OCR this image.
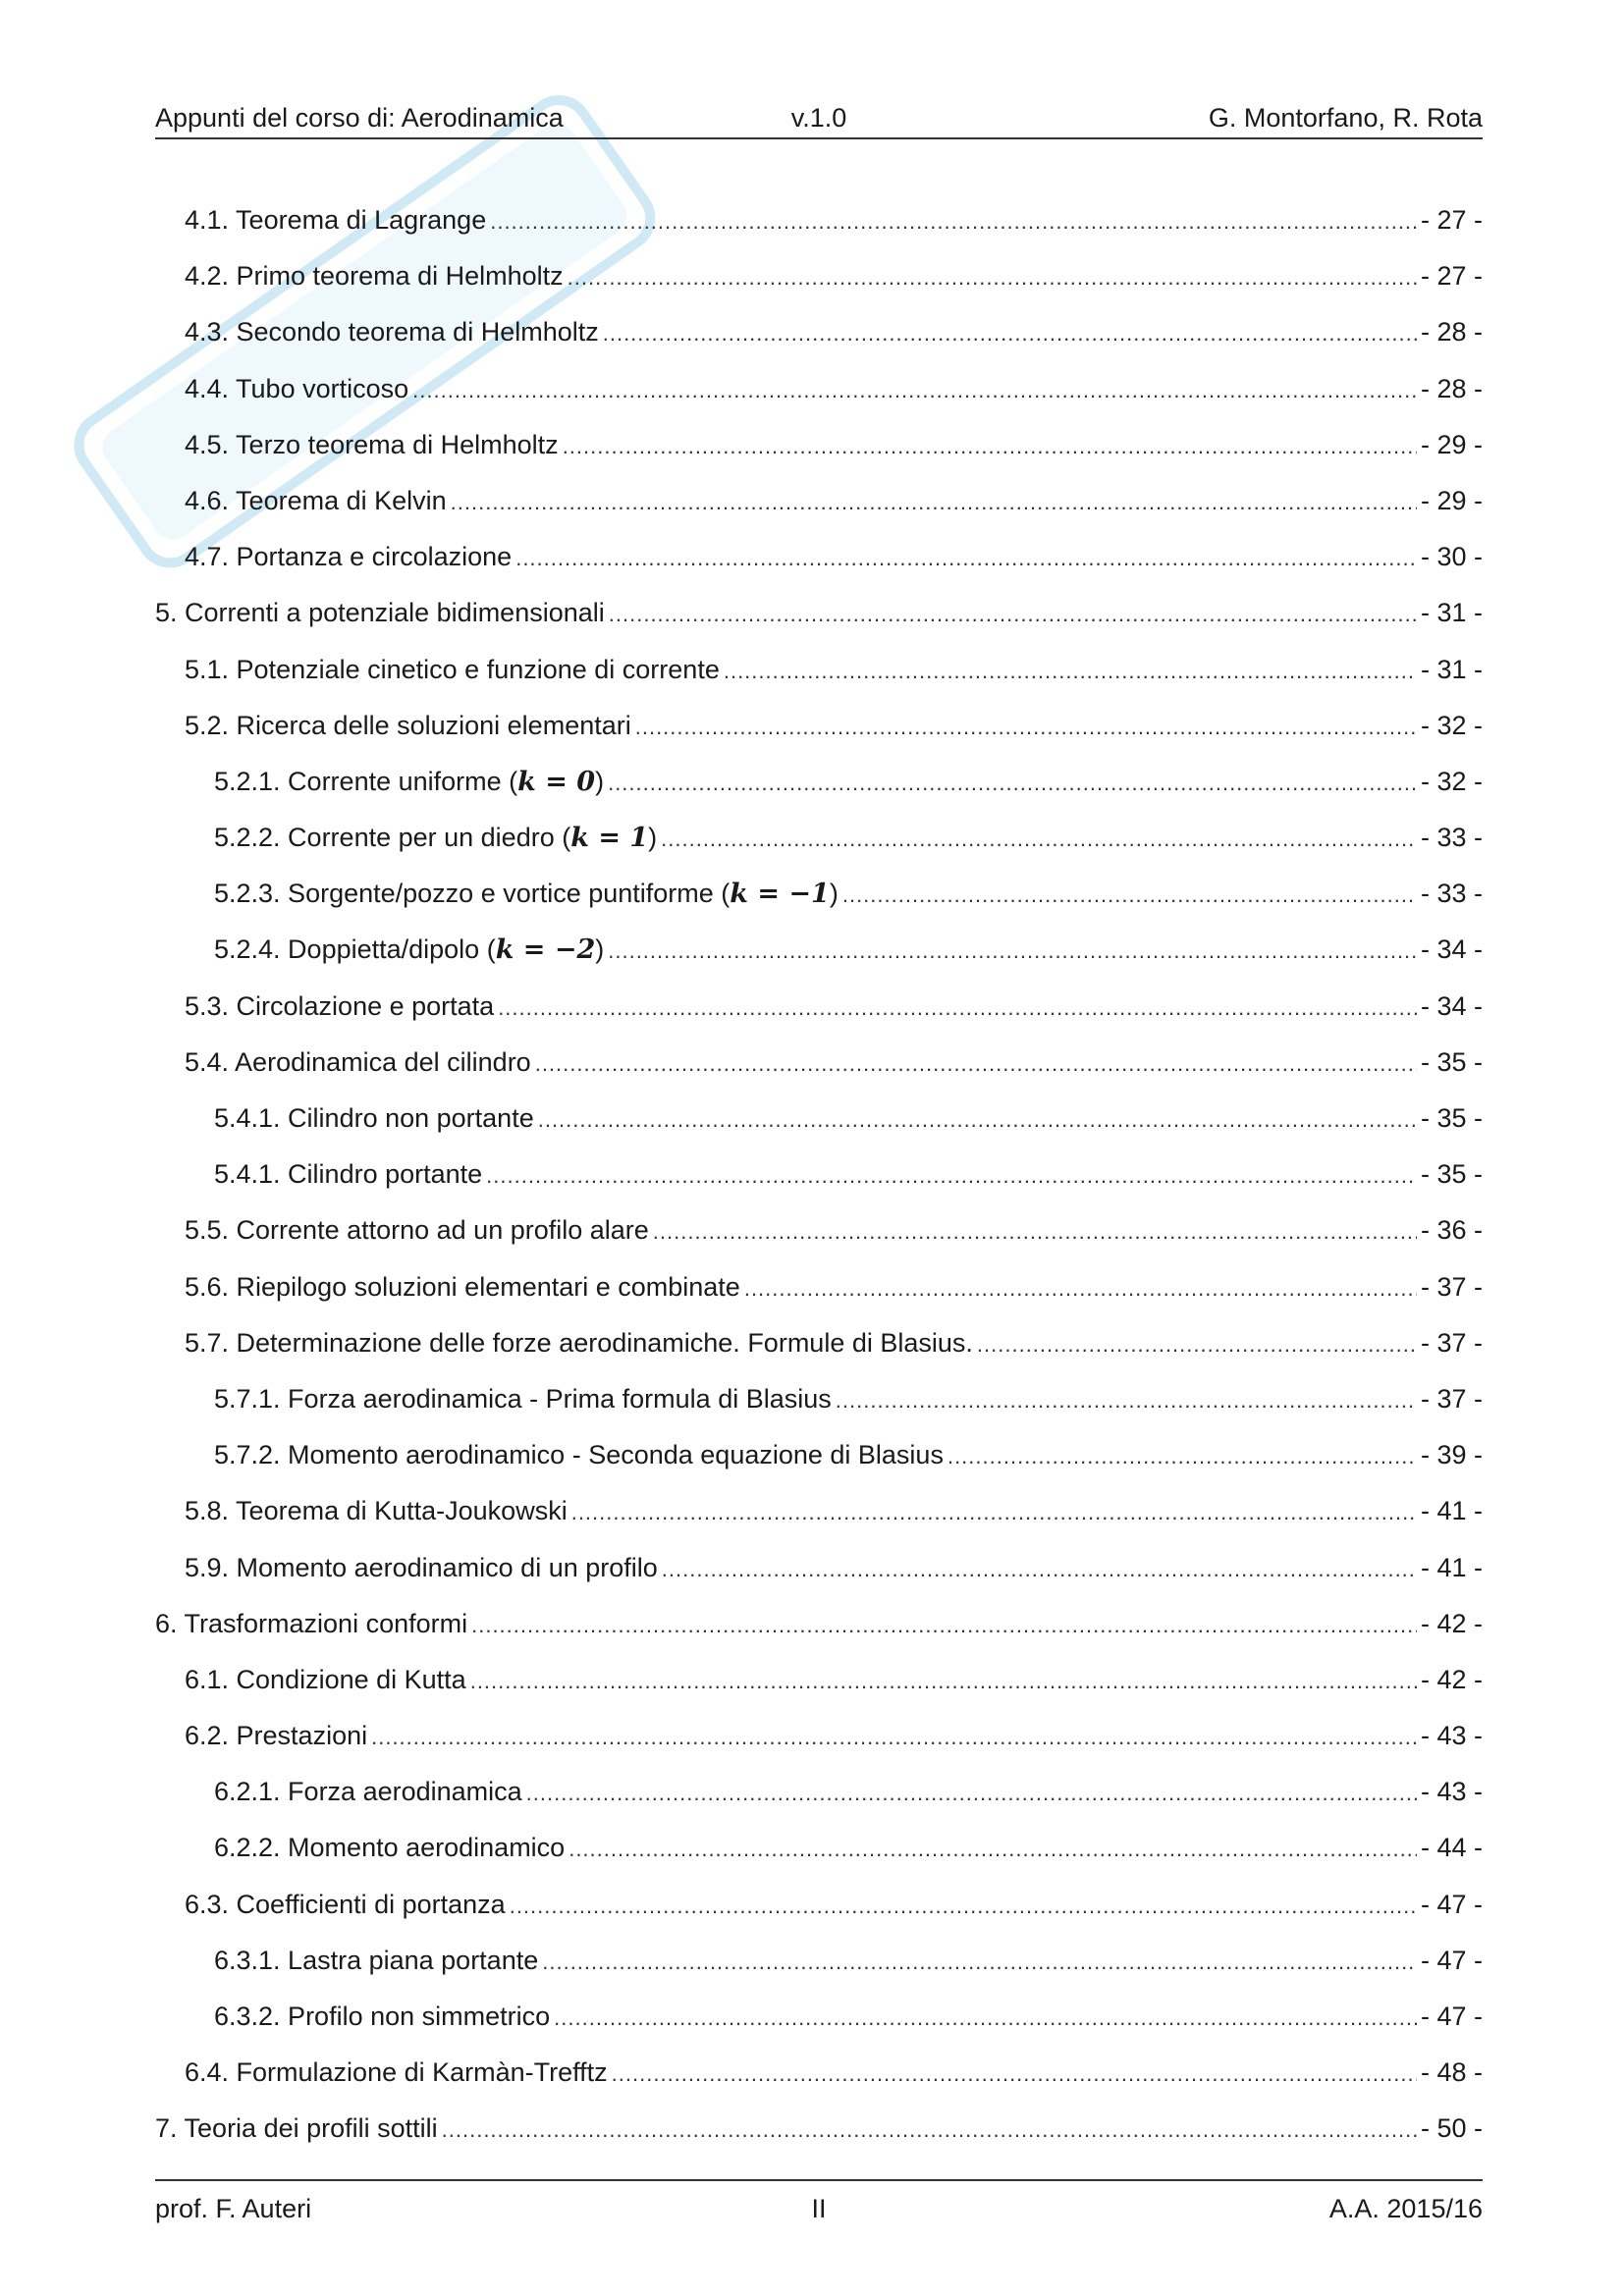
Appunti del corso di: Aerodinamica	v.1.0	G. Montorfano, R. Rota
4.1. Teorema di Lagrange .....	- 27 -
4.2. Primo teorema di Helmholtz .....	- 27 -
4.3. Secondo teorema di Helmholtz .....	- 28 -
4.4. Tubo vorticoso .....	- 28 -
4.5. Terzo teorema di Helmholtz .....	- 29 -
4.6. Teorema di Kelvin .....	- 29 -
4.7. Portanza e circolazione .....	- 30 -
5. Correnti a potenziale bidimensionali .....	- 31 -
5.1. Potenziale cinetico e funzione di corrente .....	- 31 -
5.2. Ricerca delle soluzioni elementari .....	- 32 -
5.2.1. Corrente uniforme (k = 0) .....	- 32 -
5.2.2. Corrente per un diedro (k = 1) .....	- 33 -
5.2.3. Sorgente/pozzo e vortice puntiforme (k = −1) .....	- 33 -
5.2.4. Doppietta/dipolo (k = −2) .....	- 34 -
5.3. Circolazione e portata .....	- 34 -
5.4. Aerodinamica del cilindro .....	- 35 -
5.4.1. Cilindro non portante .....	- 35 -
5.4.1. Cilindro portante .....	- 35 -
5.5. Corrente attorno ad un profilo alare .....	- 36 -
5.6. Riepilogo soluzioni elementari e combinate .....	- 37 -
5.7. Determinazione delle forze aerodinamiche. Formule di Blasius. .....	- 37 -
5.7.1. Forza aerodinamica - Prima formula di Blasius .....	- 37 -
5.7.2. Momento aerodinamico - Seconda equazione di Blasius .....	- 39 -
5.8. Teorema di Kutta-Joukowski .....	- 41 -
5.9. Momento aerodinamico di un profilo .....	- 41 -
6. Trasformazioni conformi .....	- 42 -
6.1. Condizione di Kutta .....	- 42 -
6.2. Prestazioni .....	- 43 -
6.2.1. Forza aerodinamica .....	- 43 -
6.2.2. Momento aerodinamico .....	- 44 -
6.3. Coefficienti di portanza .....	- 47 -
6.3.1. Lastra piana portante .....	- 47 -
6.3.2. Profilo non simmetrico .....	- 47 -
6.4. Formulazione di Karmàn-Trefftz .....	- 48 -
7. Teoria dei profili sottili .....	- 50 -
prof. F. Auteri	II	A.A. 2015/16
